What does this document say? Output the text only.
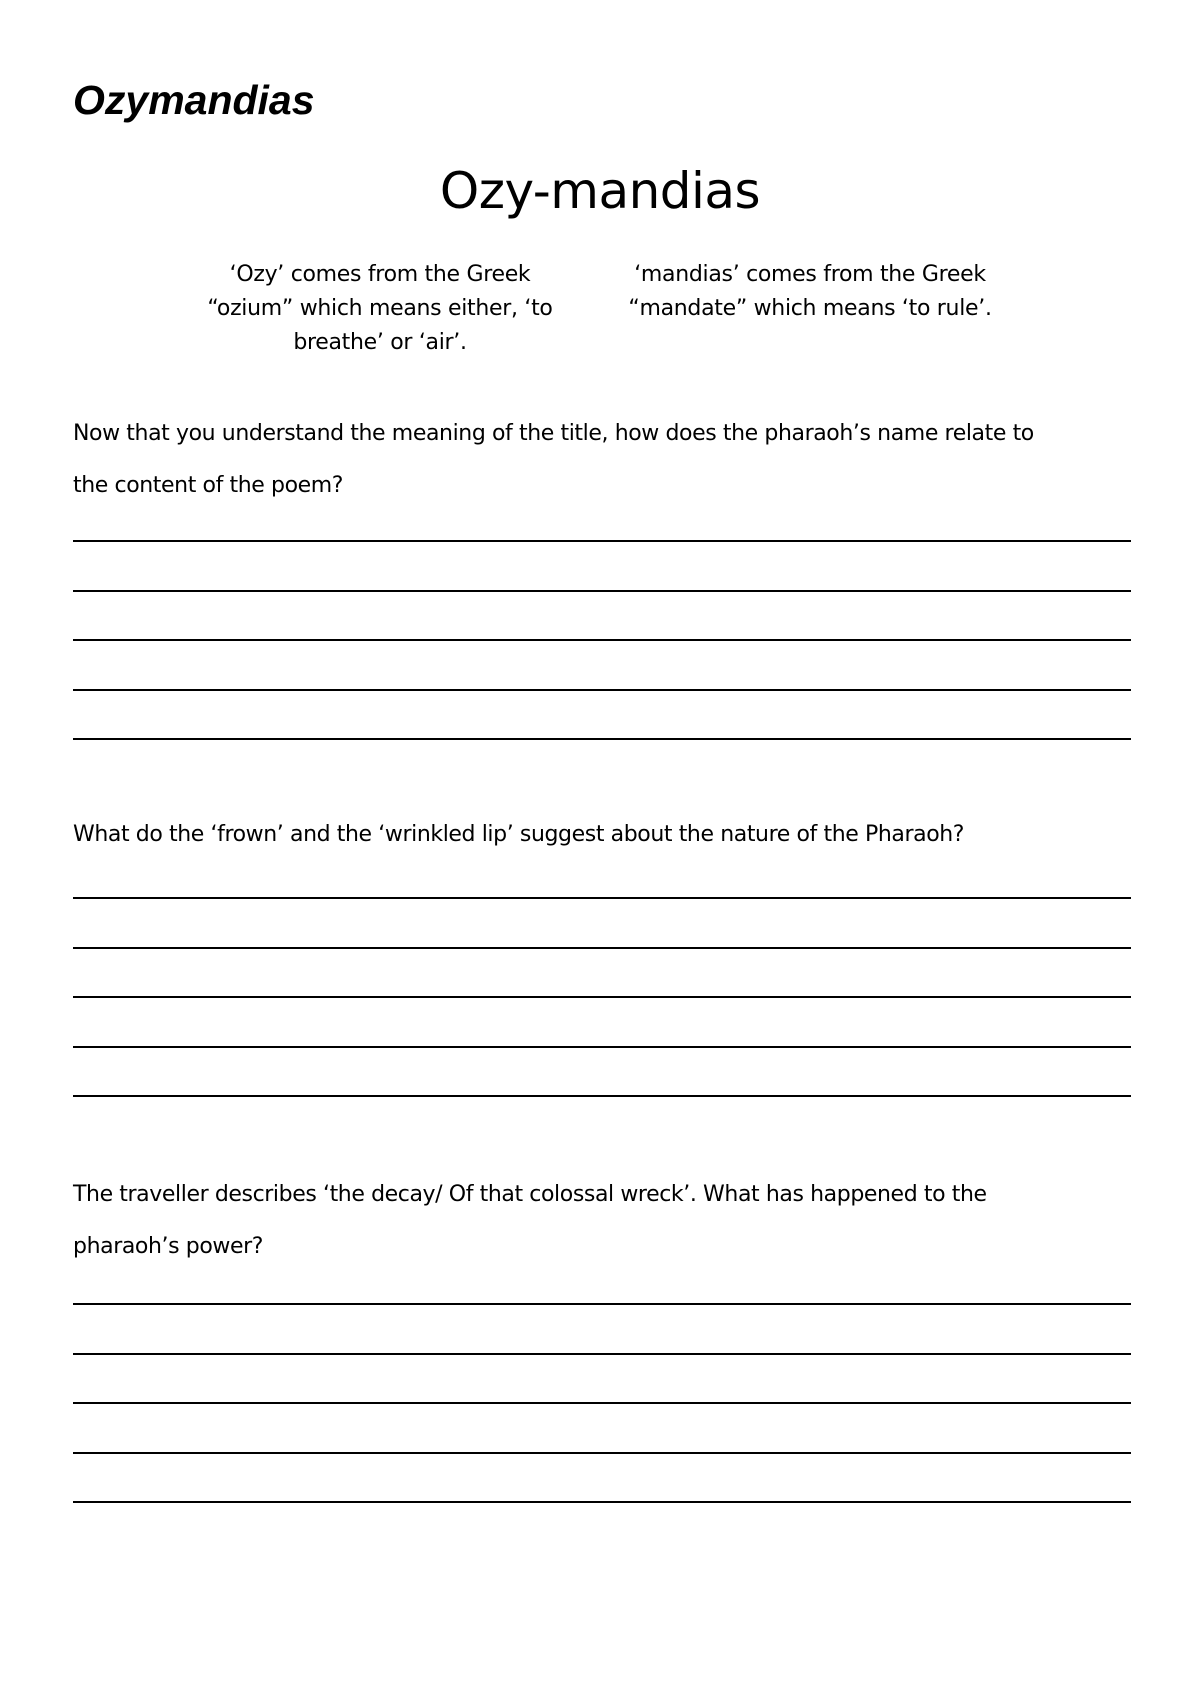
Ozymandias
Ozy-mandias
‘Ozy’ comes from the Greek
“ozium” which means either, ‘to
breathe’ or ‘air’.
‘mandias’ comes from the Greek
“mandate” which means ‘to rule’.
Now that you understand the meaning of the title, how does the pharaoh’s name relate to
the content of the poem?
What do the ‘frown’ and the ‘wrinkled lip’ suggest about the nature of the Pharaoh?
The traveller describes ‘the decay/ Of that colossal wreck’. What has happened to the
pharaoh’s power?
